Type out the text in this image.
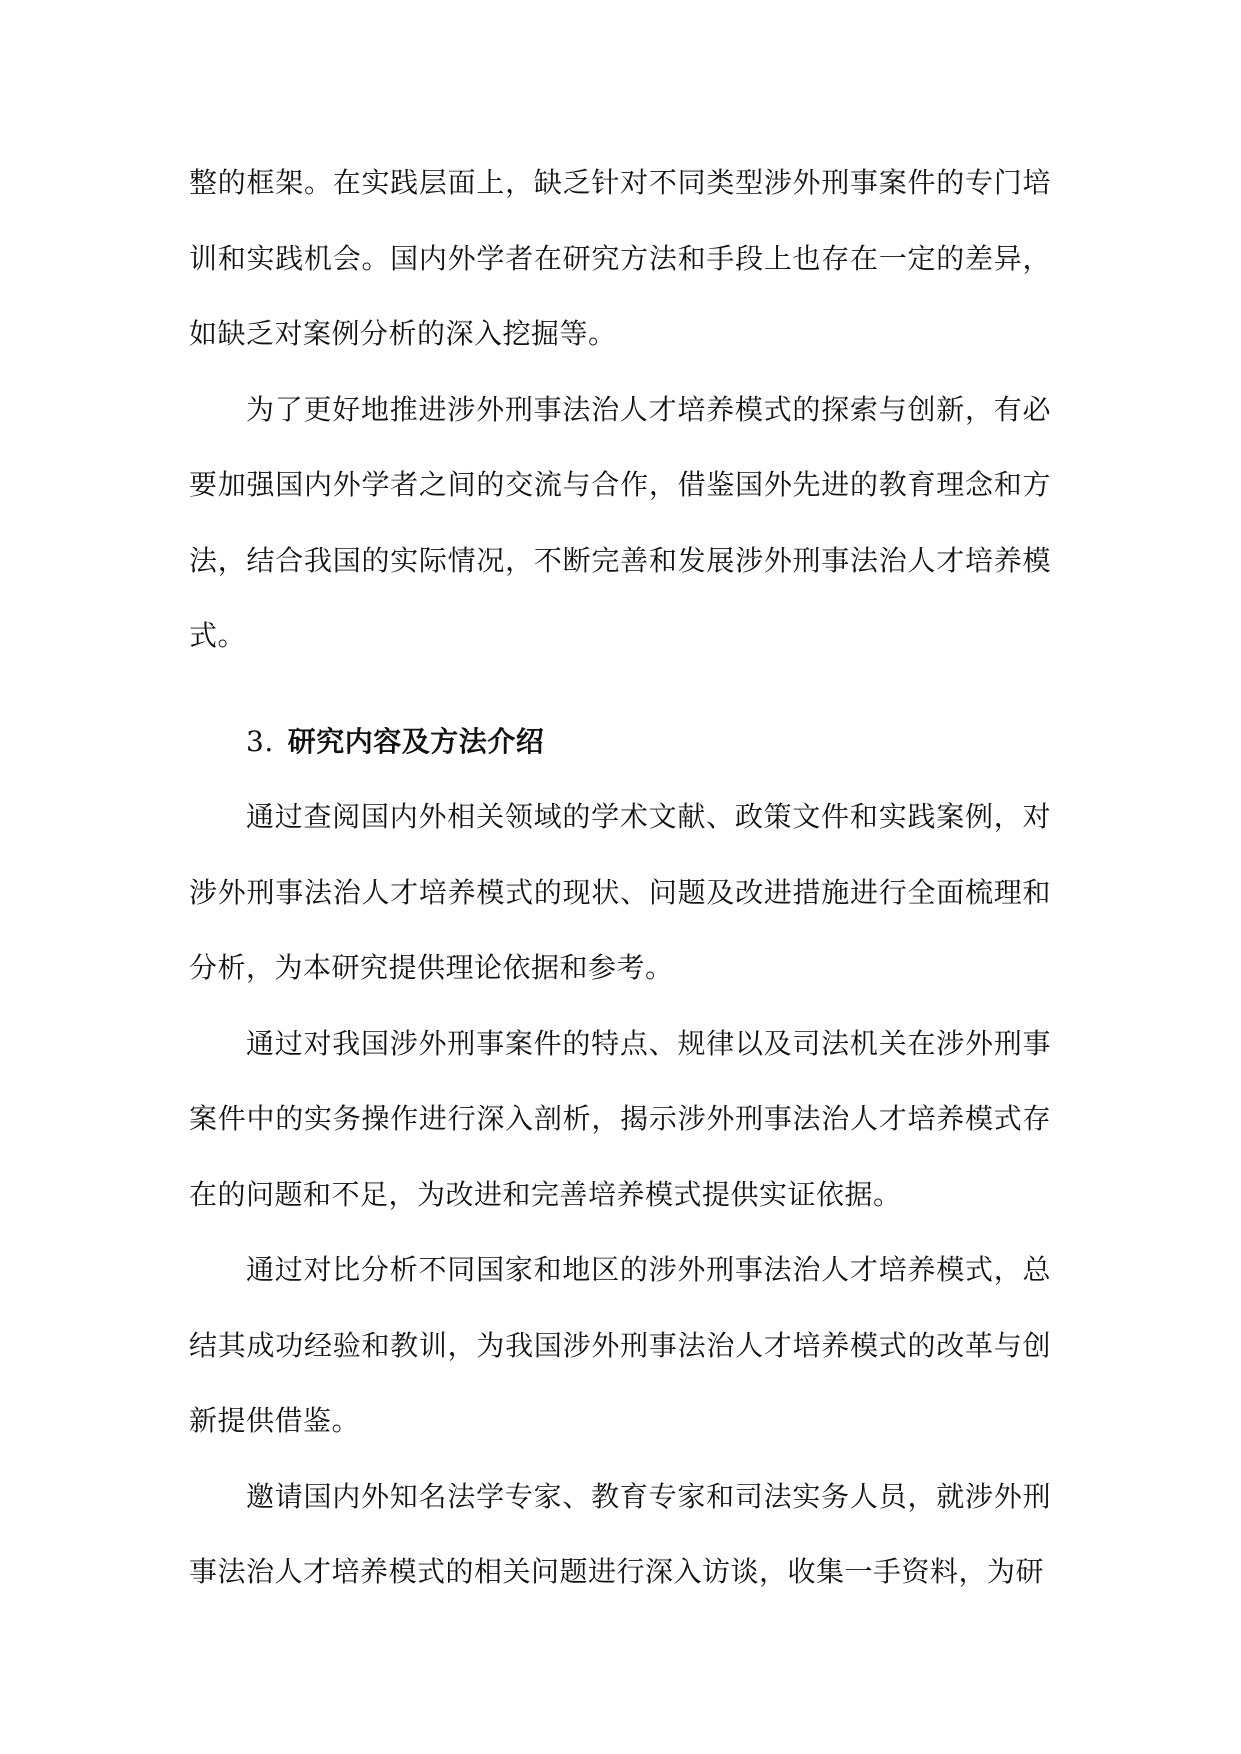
整的框架。在实践层面上，缺乏针对不同类型涉外刑事案件的专门培训和实践机会。国内外学者在研究方法和手段上也存在一定的差异，如缺乏对案例分析的深入挖掘等。

为了更好地推进涉外刑事法治人才培养模式的探索与创新，有必要加强国内外学者之间的交流与合作，借鉴国外先进的教育理念和方法，结合我国的实际情况，不断完善和发展涉外刑事法治人才培养模式。

3. 研究内容及方法介绍

通过查阅国内外相关领域的学术文献、政策文件和实践案例，对涉外刑事法治人才培养模式的现状、问题及改进措施进行全面梳理和分析，为本研究提供理论依据和参考。

通过对我国涉外刑事案件的特点、规律以及司法机关在涉外刑事案件中的实务操作进行深入剖析，揭示涉外刑事法治人才培养模式存在的问题和不足，为改进和完善培养模式提供实证依据。

通过对比分析不同国家和地区的涉外刑事法治人才培养模式，总结其成功经验和教训，为我国涉外刑事法治人才培养模式的改革与创新提供借鉴。

邀请国内外知名法学专家、教育专家和司法实务人员，就涉外刑事法治人才培养模式的相关问题进行深入访谈，收集一手资料，为研
